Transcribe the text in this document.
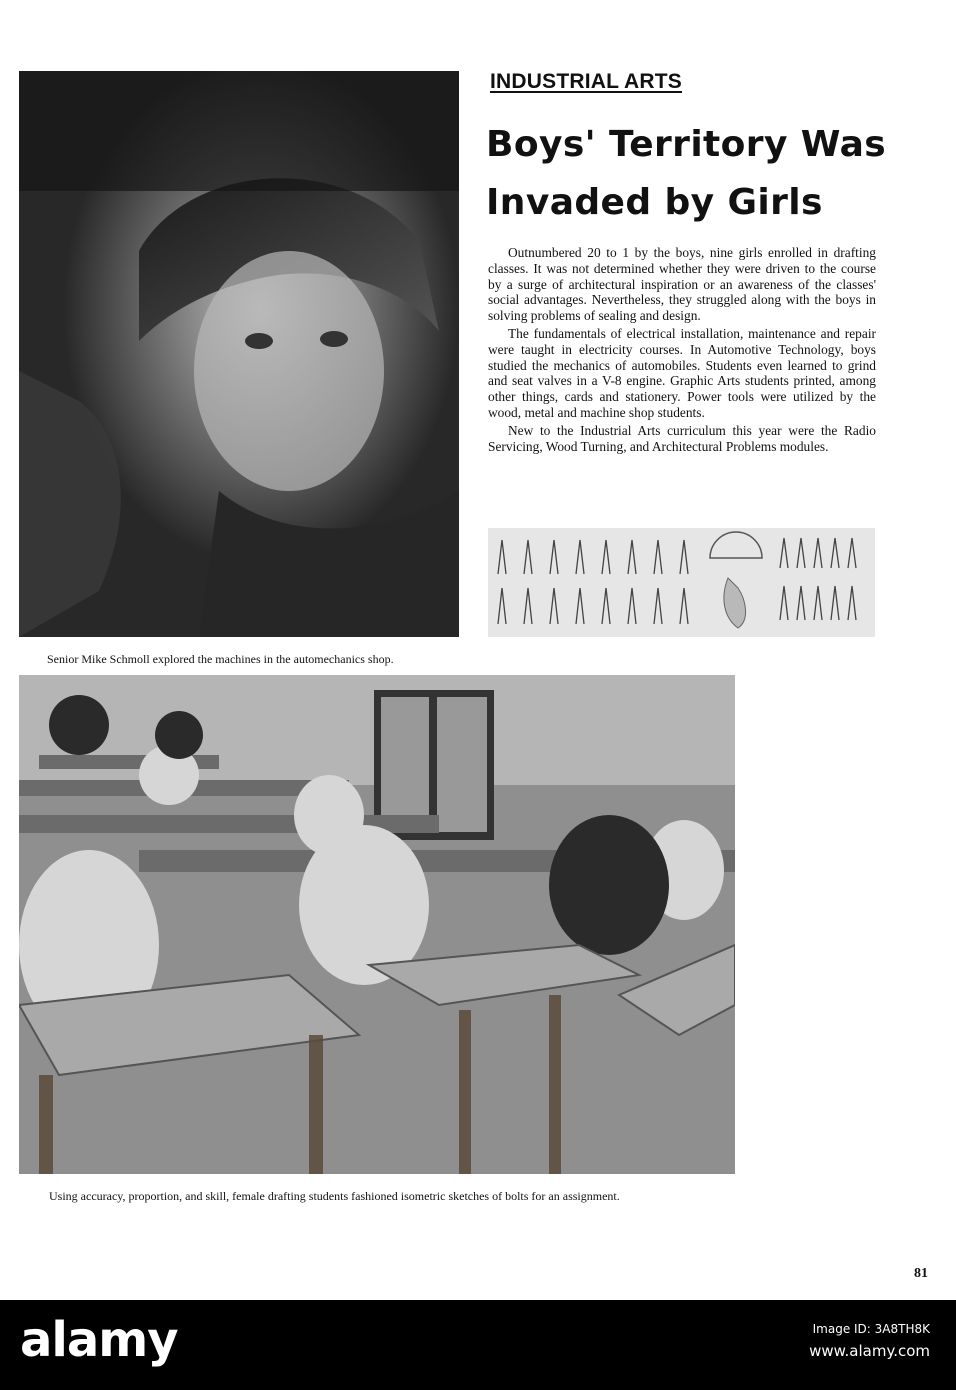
INDUSTRIAL ARTS
Boys' Territory Was Invaded by Girls

Outnumbered 20 to 1 by the boys, nine girls enrolled in drafting classes. It was not determined whether they were driven to the course by a surge of architectural inspiration or an awareness of the classes' social advantages. Nevertheless, they struggled along with the boys in solving problems of sealing and design.

The fundamentals of electrical installation, maintenance and repair were taught in electricity courses. In Automotive Technology, boys studied the mechanics of automobiles. Students even learned to grind and seat valves in a V-8 engine. Graphic Arts students printed, among other things, cards and stationery. Power tools were utilized by the wood, metal and machine shop students.

New to the Industrial Arts curriculum this year were the Radio Servicing, Wood Turning, and Architectural Problems modules.

Senior Mike Schmoll explored the machines in the automechanics shop.
Using accuracy, proportion, and skill, female drafting students fashioned isometric sketches of bolts for an assignment.
81
alamy	Image ID: 3A8TH8K
www.alamy.com
